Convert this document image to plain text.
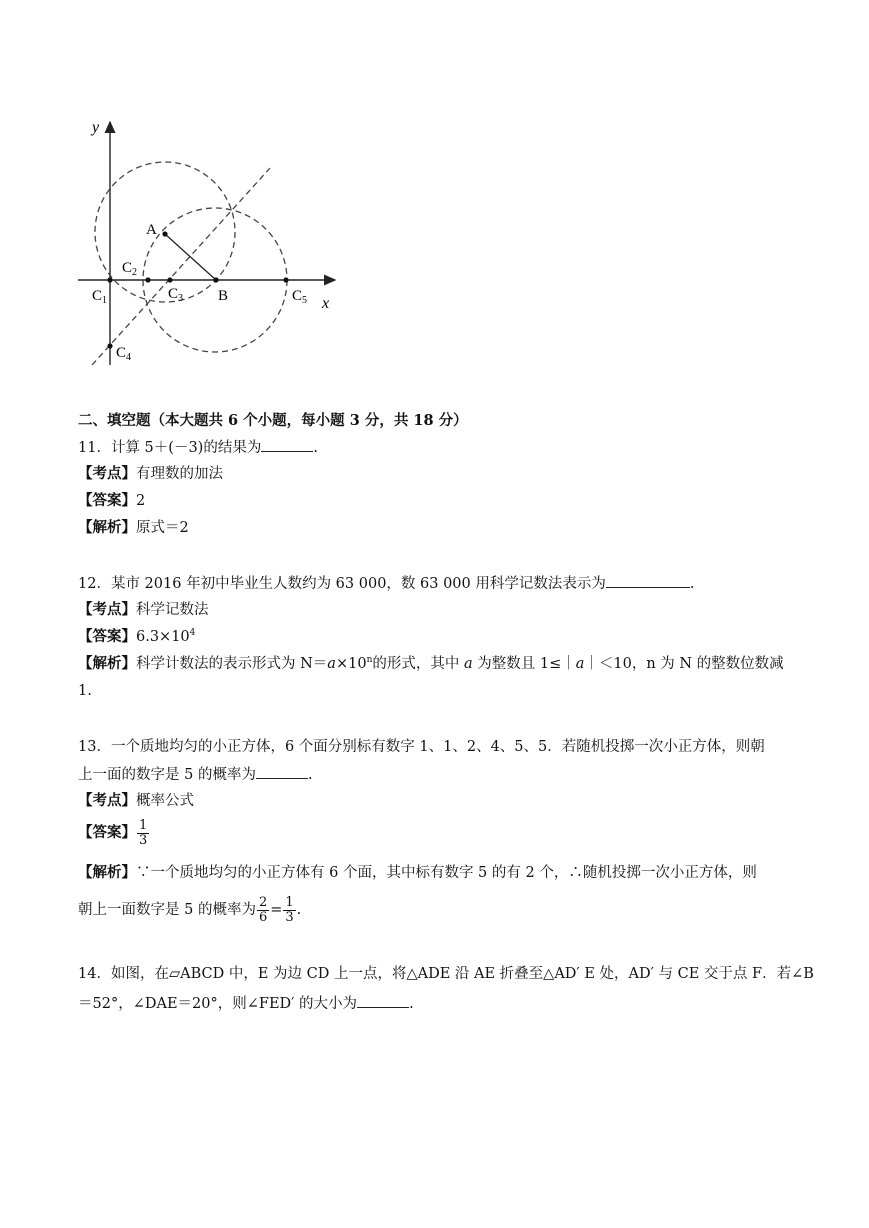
y
x
A
B
$C_1$
$C_2$
$C_3$
$C_4$
$C_5$
二、填空题（本大题共 6 个小题，每小题 3 分，共 18 分）
11．计算 5＋(－3)的结果为	.
【考点】有理数的加法
【答案】2
【解析】原式＝2
12．某市 2016 年初中毕业生人数约为 63 000，数 63 000 用科学记数法表示为	.
【考点】科学记数法
【答案】$6.3\times 10^4$
【解析】科学计数法的表示形式为 $N=a\times 10^n$的形式，其中 a 为整数且 1≤｜a｜＜10，n 为 N 的整数位数减
1.
13．一个质地均匀的小正方体，6 个面分别标有数字 1、1、2、4、5、5．若随机投掷一次小正方体，则朝
上一面的数字是 5 的概率为	.
【考点】概率公式
【答案】 $\frac{1}{3}$
【解析】∵一个质地均匀的小正方体有 6 个面，其中标有数字 5 的有 2 个，∴随机投掷一次小正方体，则
朝上一面数字是 5 的概率为 $\frac{2}{6} = \frac{1}{3}$ .
14．如图，在▱ABCD 中，E 为边 CD 上一点，将△ADE 沿 AE 折叠至△AD′ E 处，AD′ 与 CE 交于点 F．若∠B
＝52°，∠DAE＝20°，则∠FED′ 的大小为	.
